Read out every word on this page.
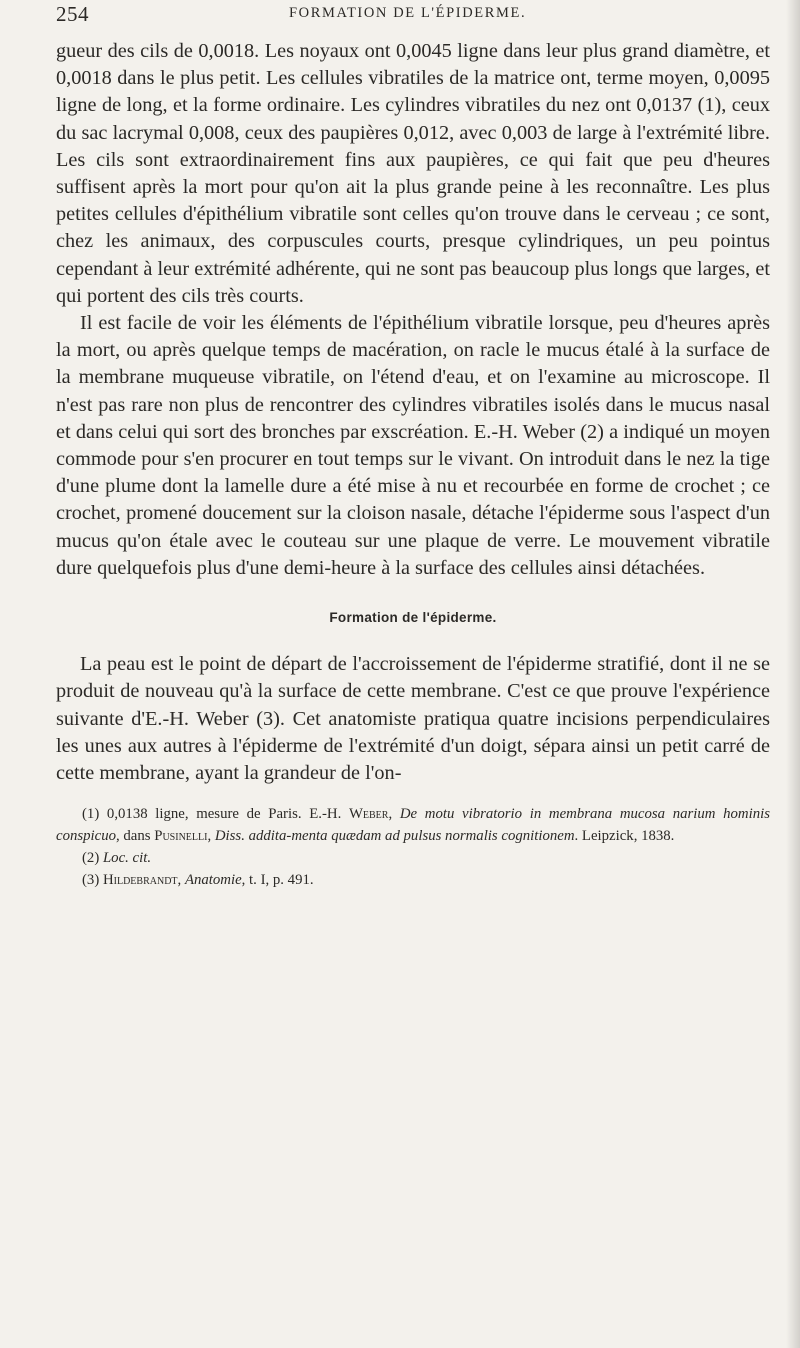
254	FORMATION DE L'ÉPIDERME.

gueur des cils de 0,0018. Les noyaux ont 0,0045 ligne dans leur plus grand diamètre, et 0,0018 dans le plus petit. Les cellules vibratiles de la matrice ont, terme moyen, 0,0095 ligne de long, et la forme ordinaire. Les cylindres vibratiles du nez ont 0,0137 (1), ceux du sac lacrymal 0,008, ceux des paupières 0,012, avec 0,003 de large à l'extrémité libre. Les cils sont extraordinairement fins aux paupières, ce qui fait que peu d'heures suffisent après la mort pour qu'on ait la plus grande peine à les reconnaître. Les plus petites cellules d'épithélium vibratile sont celles qu'on trouve dans le cerveau ; ce sont, chez les animaux, des corpuscules courts, presque cylindriques, un peu pointus cependant à leur extrémité adhérente, qui ne sont pas beaucoup plus longs que larges, et qui portent des cils très courts.

Il est facile de voir les éléments de l'épithélium vibratile lorsque, peu d'heures après la mort, ou après quelque temps de macération, on racle le mucus étalé à la surface de la membrane muqueuse vibratile, on l'étend d'eau, et on l'examine au microscope. Il n'est pas rare non plus de rencontrer des cylindres vibratiles isolés dans le mucus nasal et dans celui qui sort des bronches par exscréation. E.-H. Weber (2) a indiqué un moyen commode pour s'en procurer en tout temps sur le vivant. On introduit dans le nez la tige d'une plume dont la lamelle dure a été mise à nu et recourbée en forme de crochet ; ce crochet, promené doucement sur la cloison nasale, détache l'épiderme sous l'aspect d'un mucus qu'on étale avec le couteau sur une plaque de verre. Le mouvement vibratile dure quelquefois plus d'une demi-heure à la surface des cellules ainsi détachées.

Formation de l'épiderme.

La peau est le point de départ de l'accroissement de l'épiderme stratifié, dont il ne se produit de nouveau qu'à la surface de cette membrane. C'est ce que prouve l'expérience suivante d'E.-H. Weber (3). Cet anatomiste pratiqua quatre incisions perpendiculaires les unes aux autres à l'épiderme de l'extrémité d'un doigt, sépara ainsi un petit carré de cette membrane, ayant la grandeur de l'on-

(1) 0,0138 ligne, mesure de Paris. E.-H. Weber, De motu vibratorio in membrana mucosa narium hominis conspicuo, dans Pusinelli, Diss. addita-menta quædam ad pulsus normalis cognitionem. Leipzick, 1838.

(2) Loc. cit.

(3) Hildebrandt, Anatomie, t. I, p. 491.
